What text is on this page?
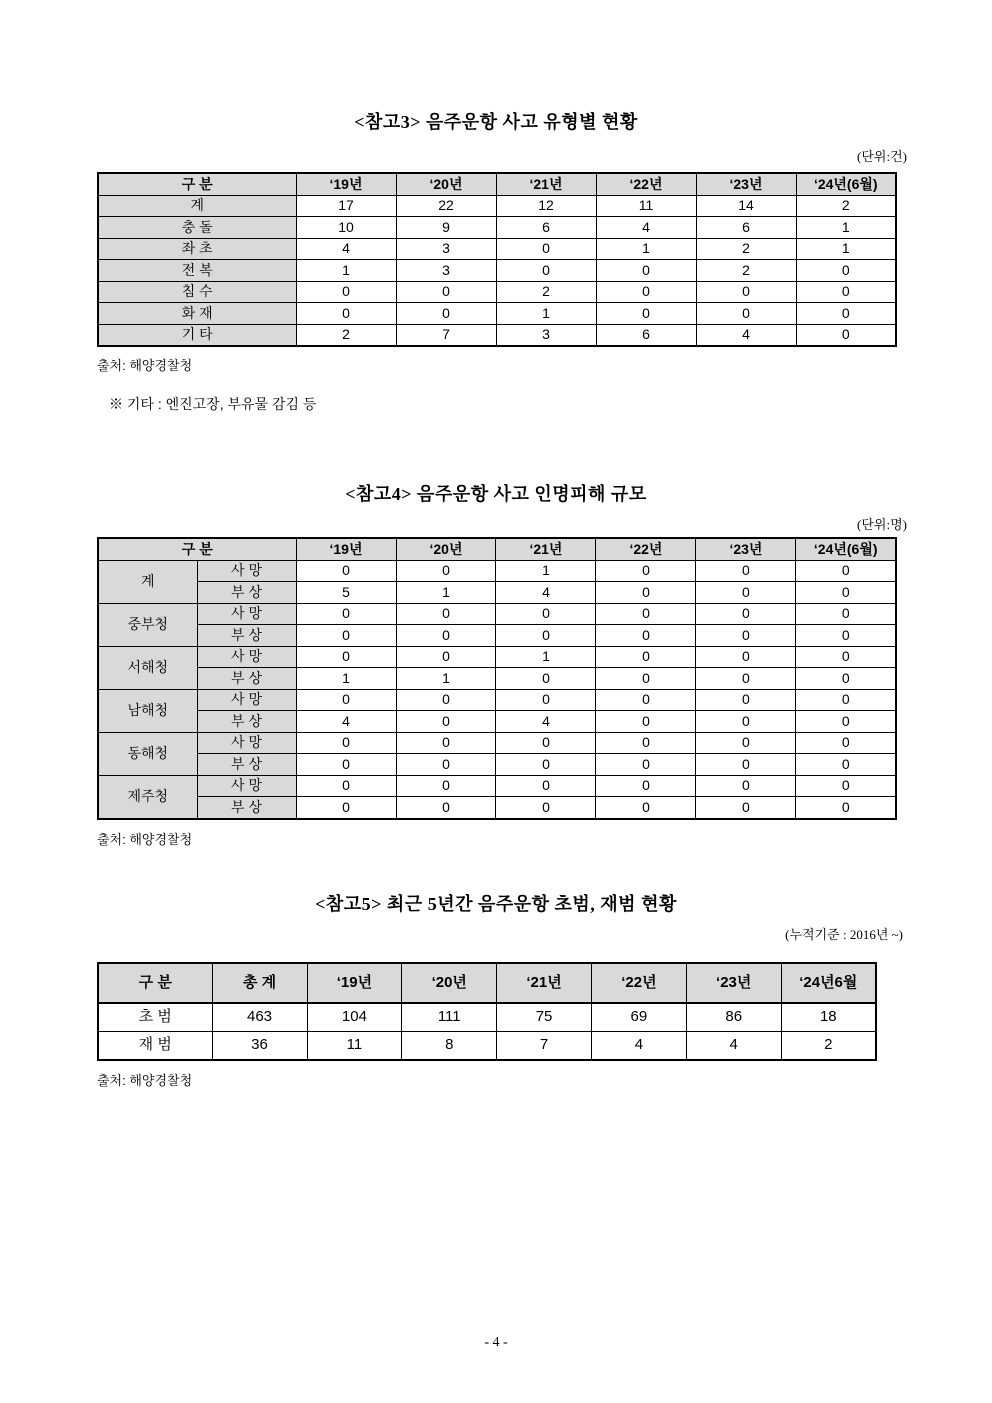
<참고3> 음주운항 사고 유형별 현황
(단위:건)
구 분	‘19년	‘20년	‘21년	‘22년	‘23년	‘24년(6월)
계	17	22	12	11	14	2
충 돌	10	9	6	4	6	1
좌 초	4	3	0	1	2	1
전 복	1	3	0	0	2	0
침 수	0	0	2	0	0	0
화 재	0	0	1	0	0	0
기 타	2	7	3	6	4	0
출처: 해양경찰청
※ 기타 : 엔진고장, 부유물 감김 등
<참고4> 음주운항 사고 인명피해 규모
(단위:명)
구 분		‘19년	‘20년	‘21년	‘22년	‘23년	‘24년(6월)
계	사 망	0	0	1	0	0	0
	부 상	5	1	4	0	0	0
중부청	사 망	0	0	0	0	0	0
	부 상	0	0	0	0	0	0
서해청	사 망	0	0	1	0	0	0
	부 상	1	1	0	0	0	0
남해청	사 망	0	0	0	0	0	0
	부 상	4	0	4	0	0	0
동해청	사 망	0	0	0	0	0	0
	부 상	0	0	0	0	0	0
제주청	사 망	0	0	0	0	0	0
	부 상	0	0	0	0	0	0
출처: 해양경찰청
<참고5> 최근 5년간 음주운항 초범, 재범 현황
(누적기준 : 2016년 ~)
구 분	총 계	‘19년	‘20년	‘21년	‘22년	‘23년	‘24년6월
초 범	463	104	111	75	69	86	18
재 범	36	11	8	7	4	4	2
출처: 해양경찰청
- 4 -
